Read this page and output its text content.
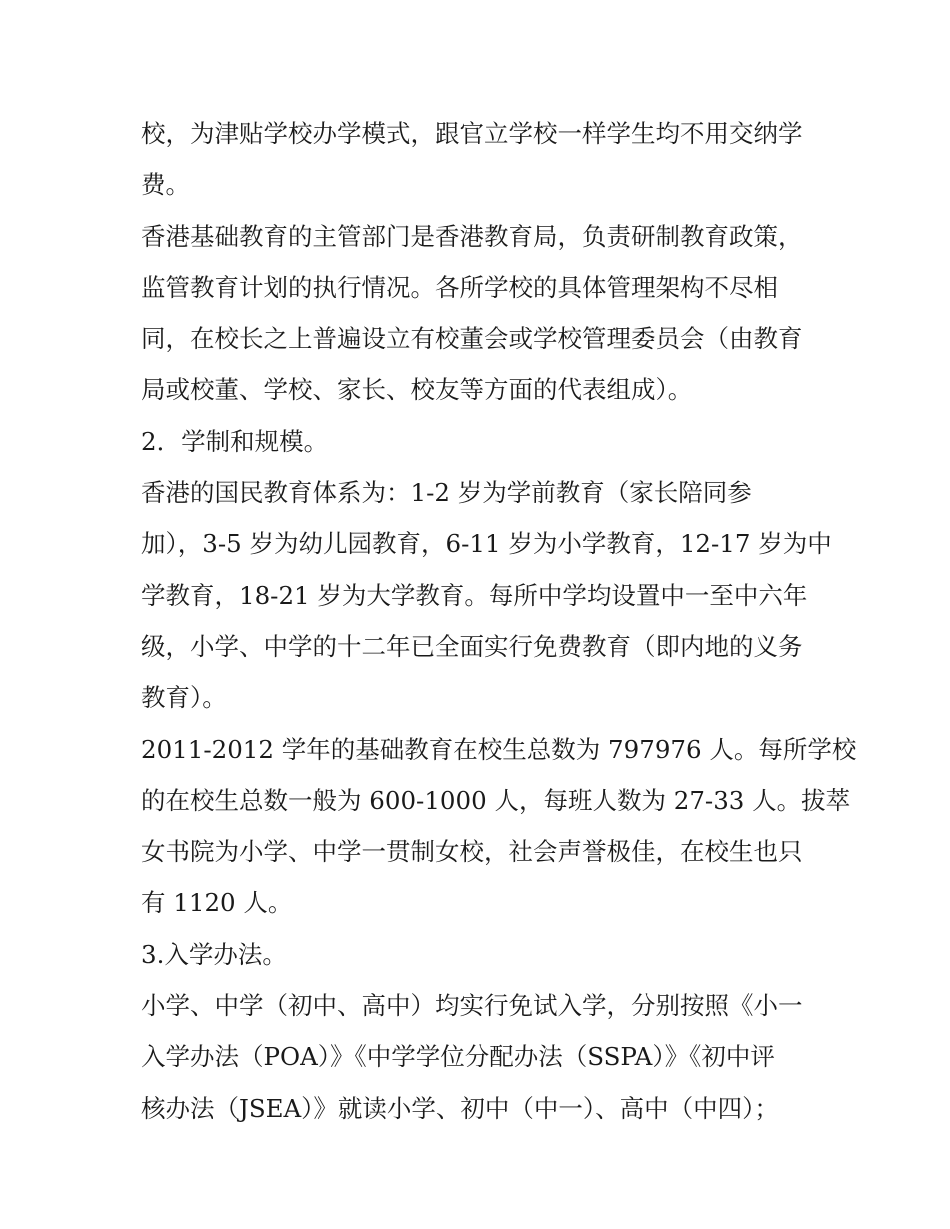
校，为津贴学校办学模式，跟官立学校一样学生均不用交纳学
费。
香港基础教育的主管部门是香港教育局，负责研制教育政策，
监管教育计划的执行情况。各所学校的具体管理架构不尽相
同，在校长之上普遍设立有校董会或学校管理委员会（由教育
局或校董、学校、家长、校友等方面的代表组成）。
2．学制和规模。
香港的国民教育体系为：1-2 岁为学前教育（家长陪同参
加），3-5 岁为幼儿园教育，6-11 岁为小学教育，12-17 岁为中
学教育，18-21 岁为大学教育。每所中学均设置中一至中六年
级，小学、中学的十二年已全面实行免费教育（即内地的义务
教育）。
2011-2012 学年的基础教育在校生总数为 797976 人。每所学校
的在校生总数一般为 600-1000 人，每班人数为 27-33 人。拔萃
女书院为小学、中学一贯制女校，社会声誉极佳，在校生也只
有 1120 人。
3.入学办法。
小学、中学（初中、高中）均实行免试入学，分别按照《小一
入学办法（POA）》《中学学位分配办法（SSPA）》《初中评
核办法（JSEA）》就读小学、初中（中一）、高中（中四）；
